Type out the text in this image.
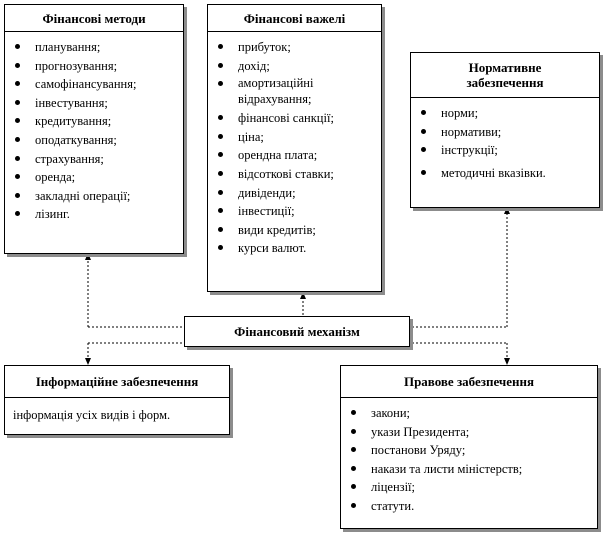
Фінансові методи
планування;
прогнозування;
самофінансування;
інвестування;
кредитування;
оподаткування;
страхування;
оренда;
закладні операції;
лізинг.
Фінансові важелі
прибуток;
дохід;
амортизаційні відрахування;
фінансові санкції;
ціна;
орендна плата;
відсоткові ставки;
дивіденди;
інвестиції;
види кредитів;
курси валют.
Нормативне забезпечення
норми;
нормативи;
інструкції;
методичні вказівки.
Фінансовий механізм
Інформаційне забезпечення
інформація усіх видів і форм.
Правове забезпечення
закони;
укази Президента;
постанови Уряду;
накази та листи міністерств;
ліцензії;
статути.
